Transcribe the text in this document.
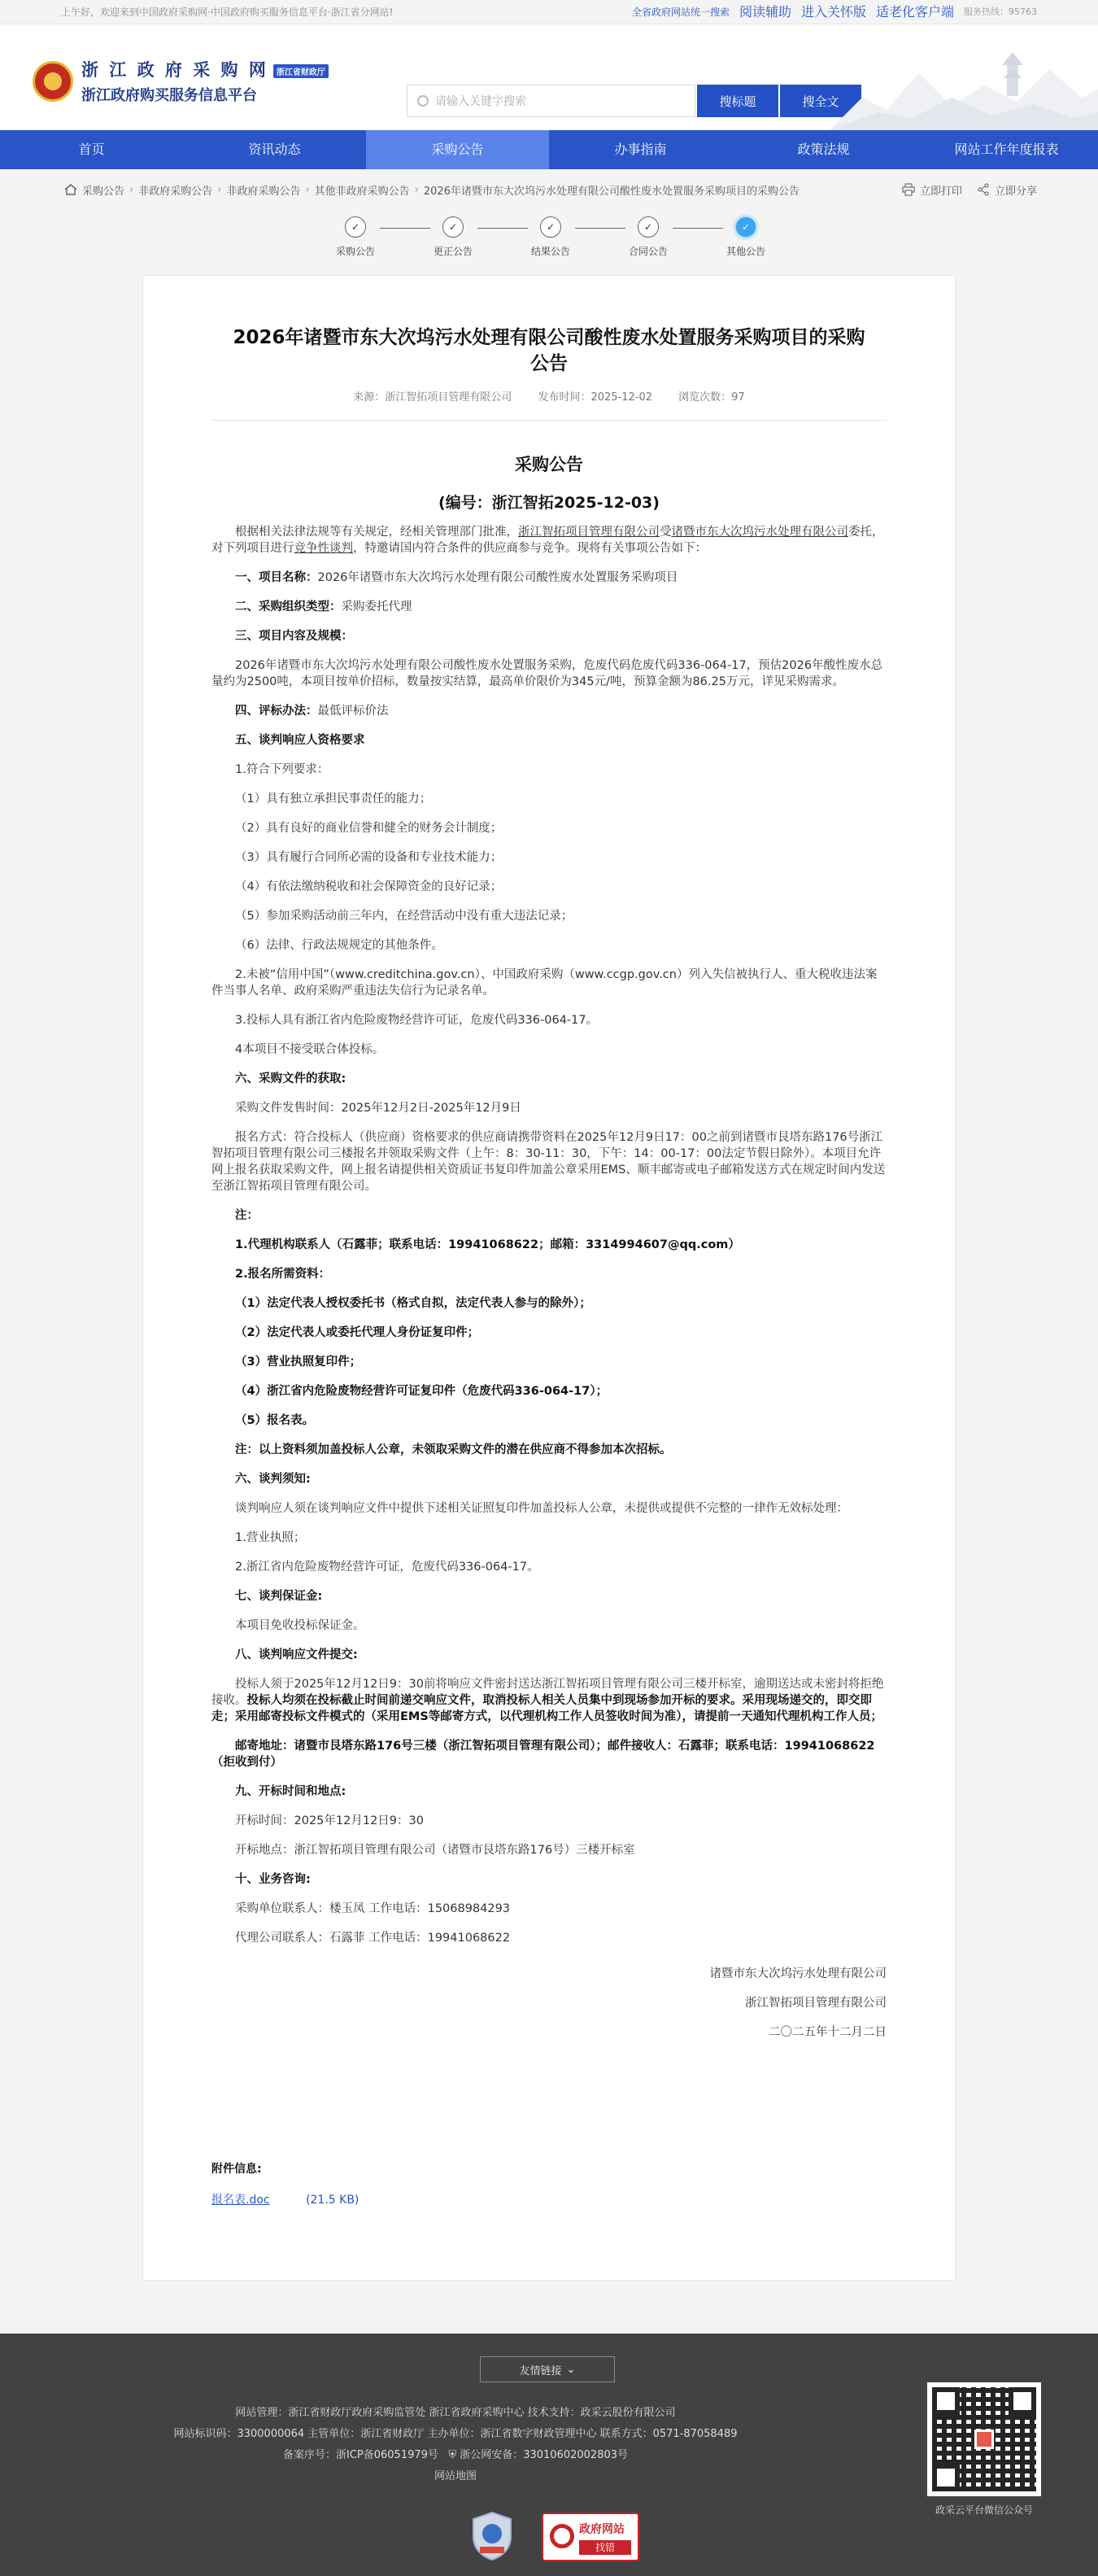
上午好，欢迎来到中国政府采购网·中国政府购买服务信息平台·浙江省分网站!	全省政府网站统一搜索 阅读辅助 进入关怀版 适老化客户端 服务热线：95763
浙 江 政 府 采 购 网 浙江省财政厅
浙江政府购买服务信息平台	请输入关键字搜索	搜标题	搜全文
首页	资讯动态	采购公告	办事指南	政策法规	网站工作年度报表
采购公告 › 非政府采购公告 › 非政府采购公告 › 其他非政府采购公告 › 2026年诸暨市东大次坞污水处理有限公司酸性废水处置服务采购项目的采购公告	立即打印	立即分享
✓
采购公告
✓
更正公告
✓
结果公告
✓
合同公告
✓
其他公告
2026年诸暨市东大次坞污水处理有限公司酸性废水处置服务采购项目的采购
公告
来源：浙江智拓项目管理有限公司 发布时间：2025-12-02 浏览次数：97
采购公告
(编号：浙江智拓2025-12-03)

根据相关法律法规等有关规定，经相关管理部门批准，浙江智拓项目管理有限公司受诸暨市东大次坞污水处理有限公司委托，对下列项目进行竞争性谈判，特邀请国内符合条件的供应商参与竞争。现将有关事项公告如下：

一、项目名称：2026年诸暨市东大次坞污水处理有限公司酸性废水处置服务采购项目

二、采购组织类型：采购委托代理

三、项目内容及规模：

2026年诸暨市东大次坞污水处理有限公司酸性废水处置服务采购，危废代码危废代码336-064-17，预估2026年酸性废水总量约为2500吨，本项目按单价招标，数量按实结算，最高单价限价为345元/吨，预算金额为86.25万元，详见采购需求。

四、评标办法：最低评标价法

五、谈判响应人资格要求

1.符合下列要求：

（1）具有独立承担民事责任的能力；

（2）具有良好的商业信誉和健全的财务会计制度；

（3）具有履行合同所必需的设备和专业技术能力；

（4）有依法缴纳税收和社会保障资金的良好记录；

（5）参加采购活动前三年内，在经营活动中没有重大违法记录；

（6）法律、行政法规规定的其他条件。

2.未被“信用中国”（www.creditchina.gov.cn）、中国政府采购（www.ccgp.gov.cn）列入失信被执行人、重大税收违法案件当事人名单、政府采购严重违法失信行为记录名单。

3.投标人具有浙江省内危险废物经营许可证，危废代码336-064-17。

4本项目不接受联合体投标。

六、采购文件的获取:

采购文件发售时间：2025年12月2日-2025年12月9日

报名方式：符合投标人（供应商）资格要求的供应商请携带资料在2025年12月9日17：00之前到诸暨市艮塔东路176号浙江智拓项目管理有限公司三楼报名并领取采购文件（上午：8：30-11：30，下午：14：00-17：00法定节假日除外）。本项目允许网上报名获取采购文件，网上报名请提供相关资质证书复印件加盖公章采用EMS、顺丰邮寄或电子邮箱发送方式在规定时间内发送至浙江智拓项目管理有限公司。

注：

1.代理机构联系人（石露菲；联系电话：19941068622；邮箱：3314994607@qq.com）

2.报名所需资料：

（1）法定代表人授权委托书（格式自拟，法定代表人参与的除外）；

（2）法定代表人或委托代理人身份证复印件；

（3）营业执照复印件；

（4）浙江省内危险废物经营许可证复印件（危废代码336-064-17）；

（5）报名表。

注：以上资料须加盖投标人公章，未领取采购文件的潜在供应商不得参加本次招标。

六、谈判须知:

谈判响应人须在谈判响应文件中提供下述相关证照复印件加盖投标人公章，未提供或提供不完整的一律作无效标处理：

1.营业执照；

2.浙江省内危险废物经营许可证，危废代码336-064-17。

七、谈判保证金:

本项目免收投标保证金。

八、谈判响应文件提交:

投标人须于2025年12月12日9：30前将响应文件密封送达浙江智拓项目管理有限公司三楼开标室，逾期送达或未密封将拒绝接收。投标人均须在投标截止时间前递交响应文件，取消投标人相关人员集中到现场参加开标的要求。采用现场递交的，即交即走；采用邮寄投标文件模式的（采用EMS等邮寄方式，以代理机构工作人员签收时间为准），请提前一天通知代理机构工作人员；

邮寄地址：诸暨市艮塔东路176号三楼（浙江智拓项目管理有限公司）；邮件接收人：石露菲；联系电话：19941068622（拒收到付）

九、开标时间和地点:

开标时间：2025年12月12日9：30

开标地点：浙江智拓项目管理有限公司（诸暨市艮塔东路176号）三楼开标室

十、业务咨询:

采购单位联系人：楼玉凤 工作电话：15068984293

代理公司联系人：石露菲 工作电话：19941068622

诸暨市东大次坞污水处理有限公司
浙江智拓项目管理有限公司
二〇二五年十二月二日
附件信息:
报名表.doc	(21.5 KB)
友情链接 ⌄
网站管理：浙江省财政厅政府采购监管处 浙江省政府采购中心 技术支持：政采云股份有限公司
网站标识码：3300000064 主管单位：浙江省财政厅 主办单位：浙江省数字财政管理中心 联系方式：0571-87058489
备案序号：浙ICP备06051979号 ⛨ 浙公网安备：33010602002803号
网站地图
政采云平台微信公众号
政府网站
找错
